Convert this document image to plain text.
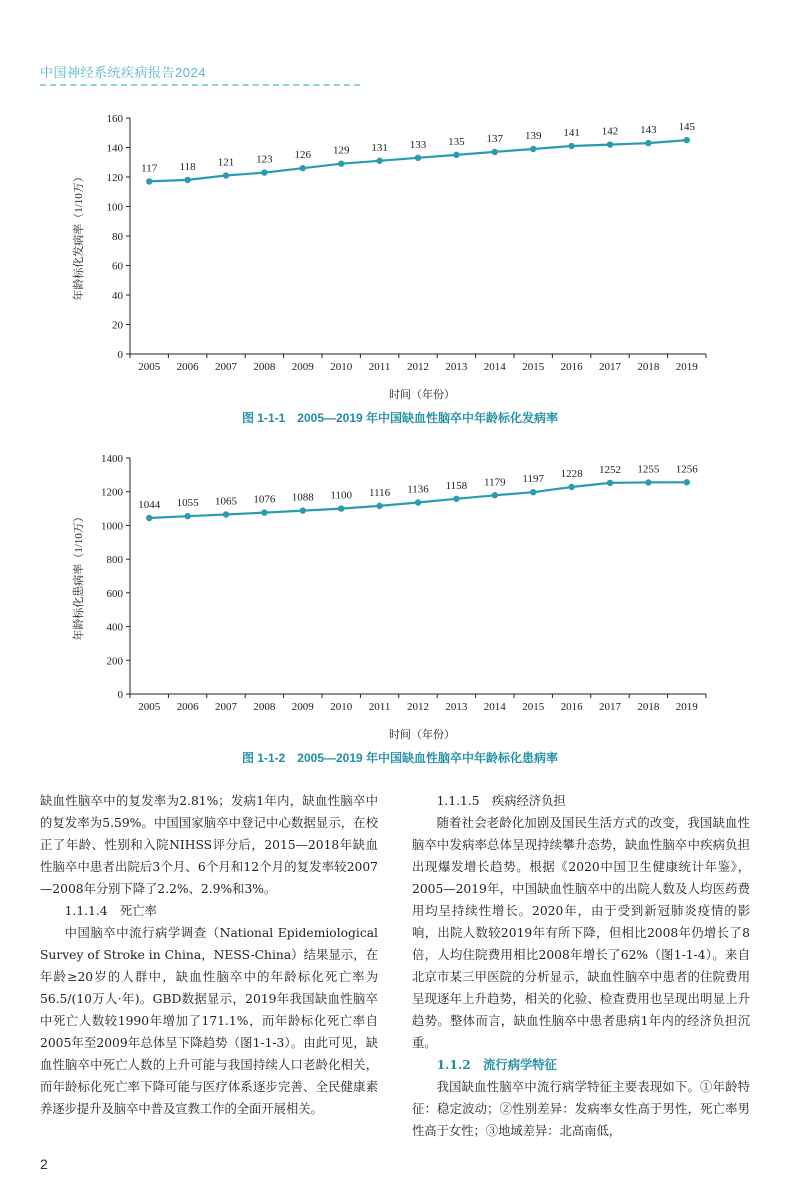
中国神经系统疾病报告2024
0
20
40
60
80
100
120
140
160
2005 2006 2007 2008 2009 2010 2011 2012 2013 2014 2015 2016 2017 2018 2019
时间（年份）
年龄标化发病率（1/10万）
117 118 121 123 126 129 131 133 135 137 139 141 142 143 145
图 1-1-1　2005—2019 年中国缺血性脑卒中年龄标化发病率
0
200
400
600
800
1000
1200
1400
2005 2006 2007 2008 2009 2010 2011 2012 2013 2014 2015 2016 2017 2018 2019
时间（年份）
年龄标化患病率（1/10万）
1044 1055 1065 1076 1088 1100 1116 1136 1158 1179 1197 1228 1252 1255 1256
图 1-1-2　2005—2019 年中国缺血性脑卒中年龄标化患病率

缺血性脑卒中的复发率为2.81%；发病1年内，缺血性脑卒中的复发率为5.59%。中国国家脑卒中登记中心数据显示，在校正了年龄、性别和入院NIHSS评分后，2015—2018年缺血性脑卒中患者出院后3个月、6个月和12个月的复发率较2007—2008年分别下降了2.2%、2.9%和3%。

1.1.1.4　死亡率

中国脑卒中流行病学调查（National Epidemiological Survey of Stroke in China，NESS-China）结果显示，在年龄≥20岁的人群中，缺血性脑卒中的年龄标化死亡率为56.5/(10万人·年)。GBD数据显示，2019年我国缺血性脑卒中死亡人数较1990年增加了171.1%，而年龄标化死亡率自2005年至2009年总体呈下降趋势（图1-1-3）。由此可见，缺血性脑卒中死亡人数的上升可能与我国持续人口老龄化相关，而年龄标化死亡率下降可能与医疗体系逐步完善、全民健康素养逐步提升及脑卒中普及宣教工作的全面开展相关。

1.1.1.5　疾病经济负担

随着社会老龄化加剧及国民生活方式的改变，我国缺血性脑卒中发病率总体呈现持续攀升态势，缺血性脑卒中疾病负担出现爆发增长趋势。根据《2020中国卫生健康统计年鉴》，2005—2019年，中国缺血性脑卒中的出院人数及人均医药费用均呈持续性增长。2020年，由于受到新冠肺炎疫情的影响，出院人数较2019年有所下降，但相比2008年仍增长了8倍，人均住院费用相比2008年增长了62%（图1-1-4）。来自北京市某三甲医院的分析显示，缺血性脑卒中患者的住院费用呈现逐年上升趋势，相关的化验、检查费用也呈现出明显上升趋势。整体而言，缺血性脑卒中患者患病1年内的经济负担沉重。

1.1.2　流行病学特征

我国缺血性脑卒中流行病学特征主要表现如下。①年龄特征：稳定波动；②性别差异：发病率女性高于男性，死亡率男性高于女性；③地域差异：北高南低，

2
